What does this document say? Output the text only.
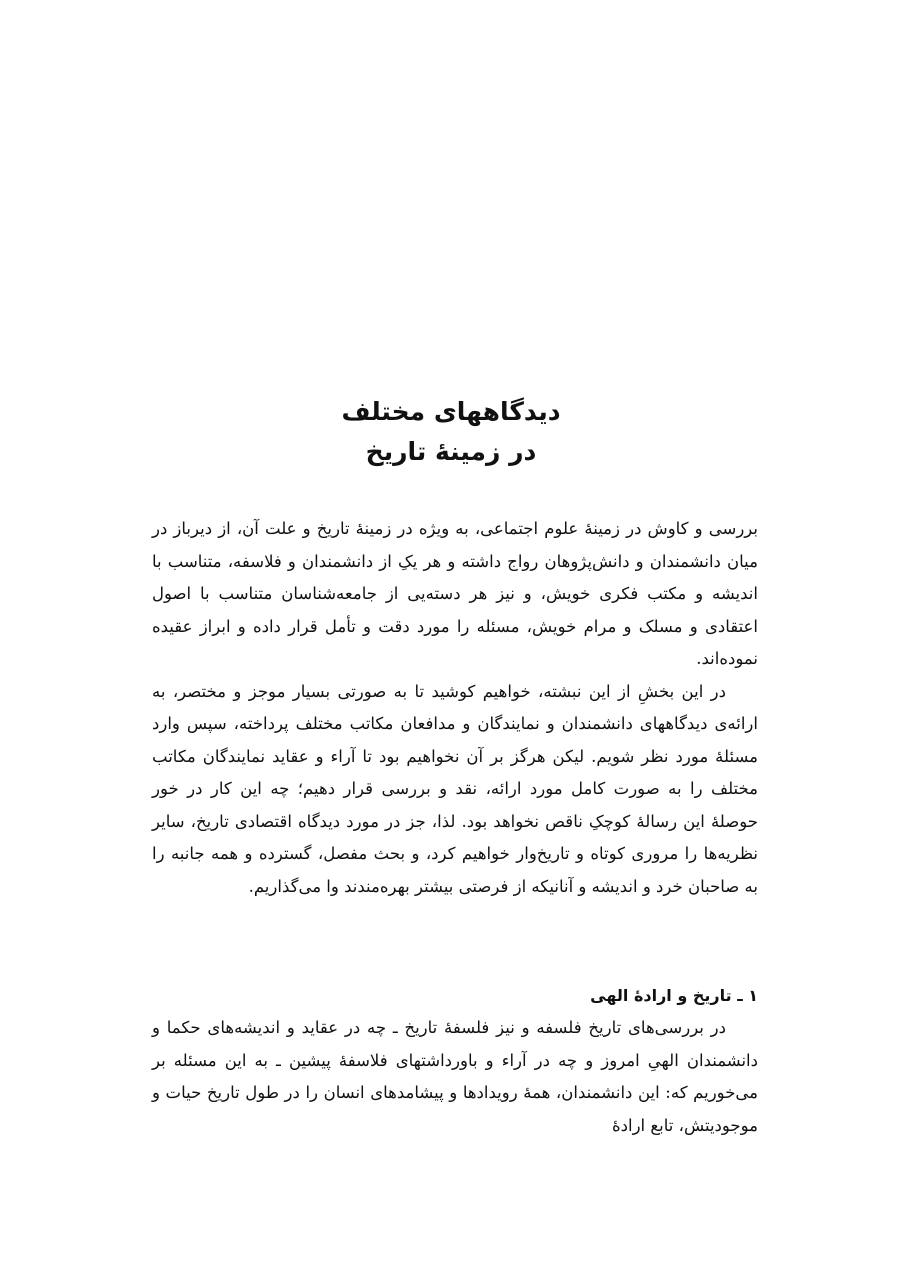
دیدگاههای مختلف

در زمینهٔ تاریخ

بررسی و کاوش در زمینهٔ علوم اجتماعی، به ویژه در زمینهٔ تاریخ و علت آن، از دیرباز در میان دانشمندان و دانش‌پژوهان رواج داشته و هر یکِ از دانشمندان و فلاسفه، متناسب با اندیشه و مکتب فکری خویش، و نیز هر دسته‌یی از جامعه‌شناسان متناسب با اصول اعتقادی و مسلک و مرام خویش، مسئله را مورد دقت و تأمل قرار داده و ابراز عقیده نموده‌اند.

در این بخشِ از این نبشته، خواهیم کوشید تا به صورتی بسیار موجز و مختصر، به ارائه‌ی دیدگاههای دانشمندان و نمایندگان و مدافعان مکاتب مختلف پرداخته، سپس وارد مسئلهٔ مورد نظر شویم. لیکن هرگز بر آن نخواهیم بود تا آراء و عقاید نمایندگان مکاتب مختلف را به صورت کامل مورد ارائه، نقد و بررسی قرار دهیم؛ چه این کار در خور حوصلهٔ این رسالهٔ کوچکِ ناقص نخواهد بود. لذا، جز در مورد دیدگاه اقتصادی تاریخ، سایر نظریه‌ها را مروری کوتاه و تاریخ‌وار خواهیم کرد، و بحث مفصل، گسترده و همه جانبه را به صاحبان خرد و اندیشه و آنانیکه از فرصتی بیشتر بهره‌مندند وا می‌گذاریم.

۱ ـ تاریخ و ارادهٔ الهی

در بررسی‌های تاریخ فلسفه و نیز فلسفهٔ تاریخ ـ چه در عقاید و اندیشه‌های حکما و دانشمندان الهیِ امروز و چه در آراء و باورداشتهای فلاسفهٔ پیشین ـ به این مسئله بر می‌خوریم که: این دانشمندان، همهٔ رویدادها و پیشامدهای انسان را در طول تاریخ حیات و موجودیتش، تابع ارادهٔ
